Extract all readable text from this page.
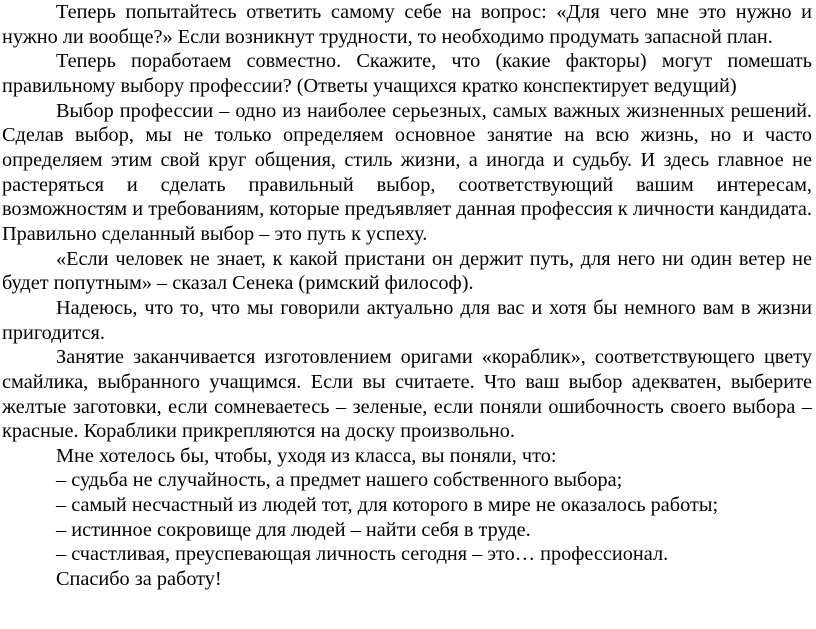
Теперь попытайтесь ответить самому себе на вопрос: «Для чего мне это нужно и нужно ли вообще?» Если возникнут трудности, то необходимо продумать запасной план.

Теперь поработаем совместно. Скажите, что (какие факторы) могут помешать правильному выбору профессии? (Ответы учащихся кратко конспектирует ведущий)

Выбор профессии – одно из наиболее серьезных, самых важных жизненных решений. Сделав выбор, мы не только определяем основное занятие на всю жизнь, но и часто определяем этим свой круг общения, стиль жизни, а иногда и судьбу. И здесь главное не растеряться и сделать правильный выбор, соответствующий вашим интересам, возможностям и требованиям, которые предъявляет данная профессия к личности кандидата. Правильно сделанный выбор – это путь к успеху.

«Если человек не знает, к какой пристани он держит путь, для него ни один ветер не будет попутным» – сказал Сенека (римский философ).

Надеюсь, что то, что мы говорили актуально для вас и хотя бы немного вам в жизни пригодится.

Занятие заканчивается изготовлением оригами «кораблик», соответствующего цвету смайлика, выбранного учащимся. Если вы считаете. Что ваш выбор адекватен, выберите желтые заготовки, если сомневаетесь – зеленые, если поняли ошибочность своего выбора – красные. Кораблики прикрепляются на доску произвольно.

Мне хотелось бы, чтобы, уходя из класса, вы поняли, что:

– судьба не случайность, а предмет нашего собственного выбора;

– самый несчастный из людей тот, для которого в мире не оказалось работы;

– истинное сокровище для людей – найти себя в труде.

– счастливая, преуспевающая личность сегодня – это… профессионал.

Спасибо за работу!
